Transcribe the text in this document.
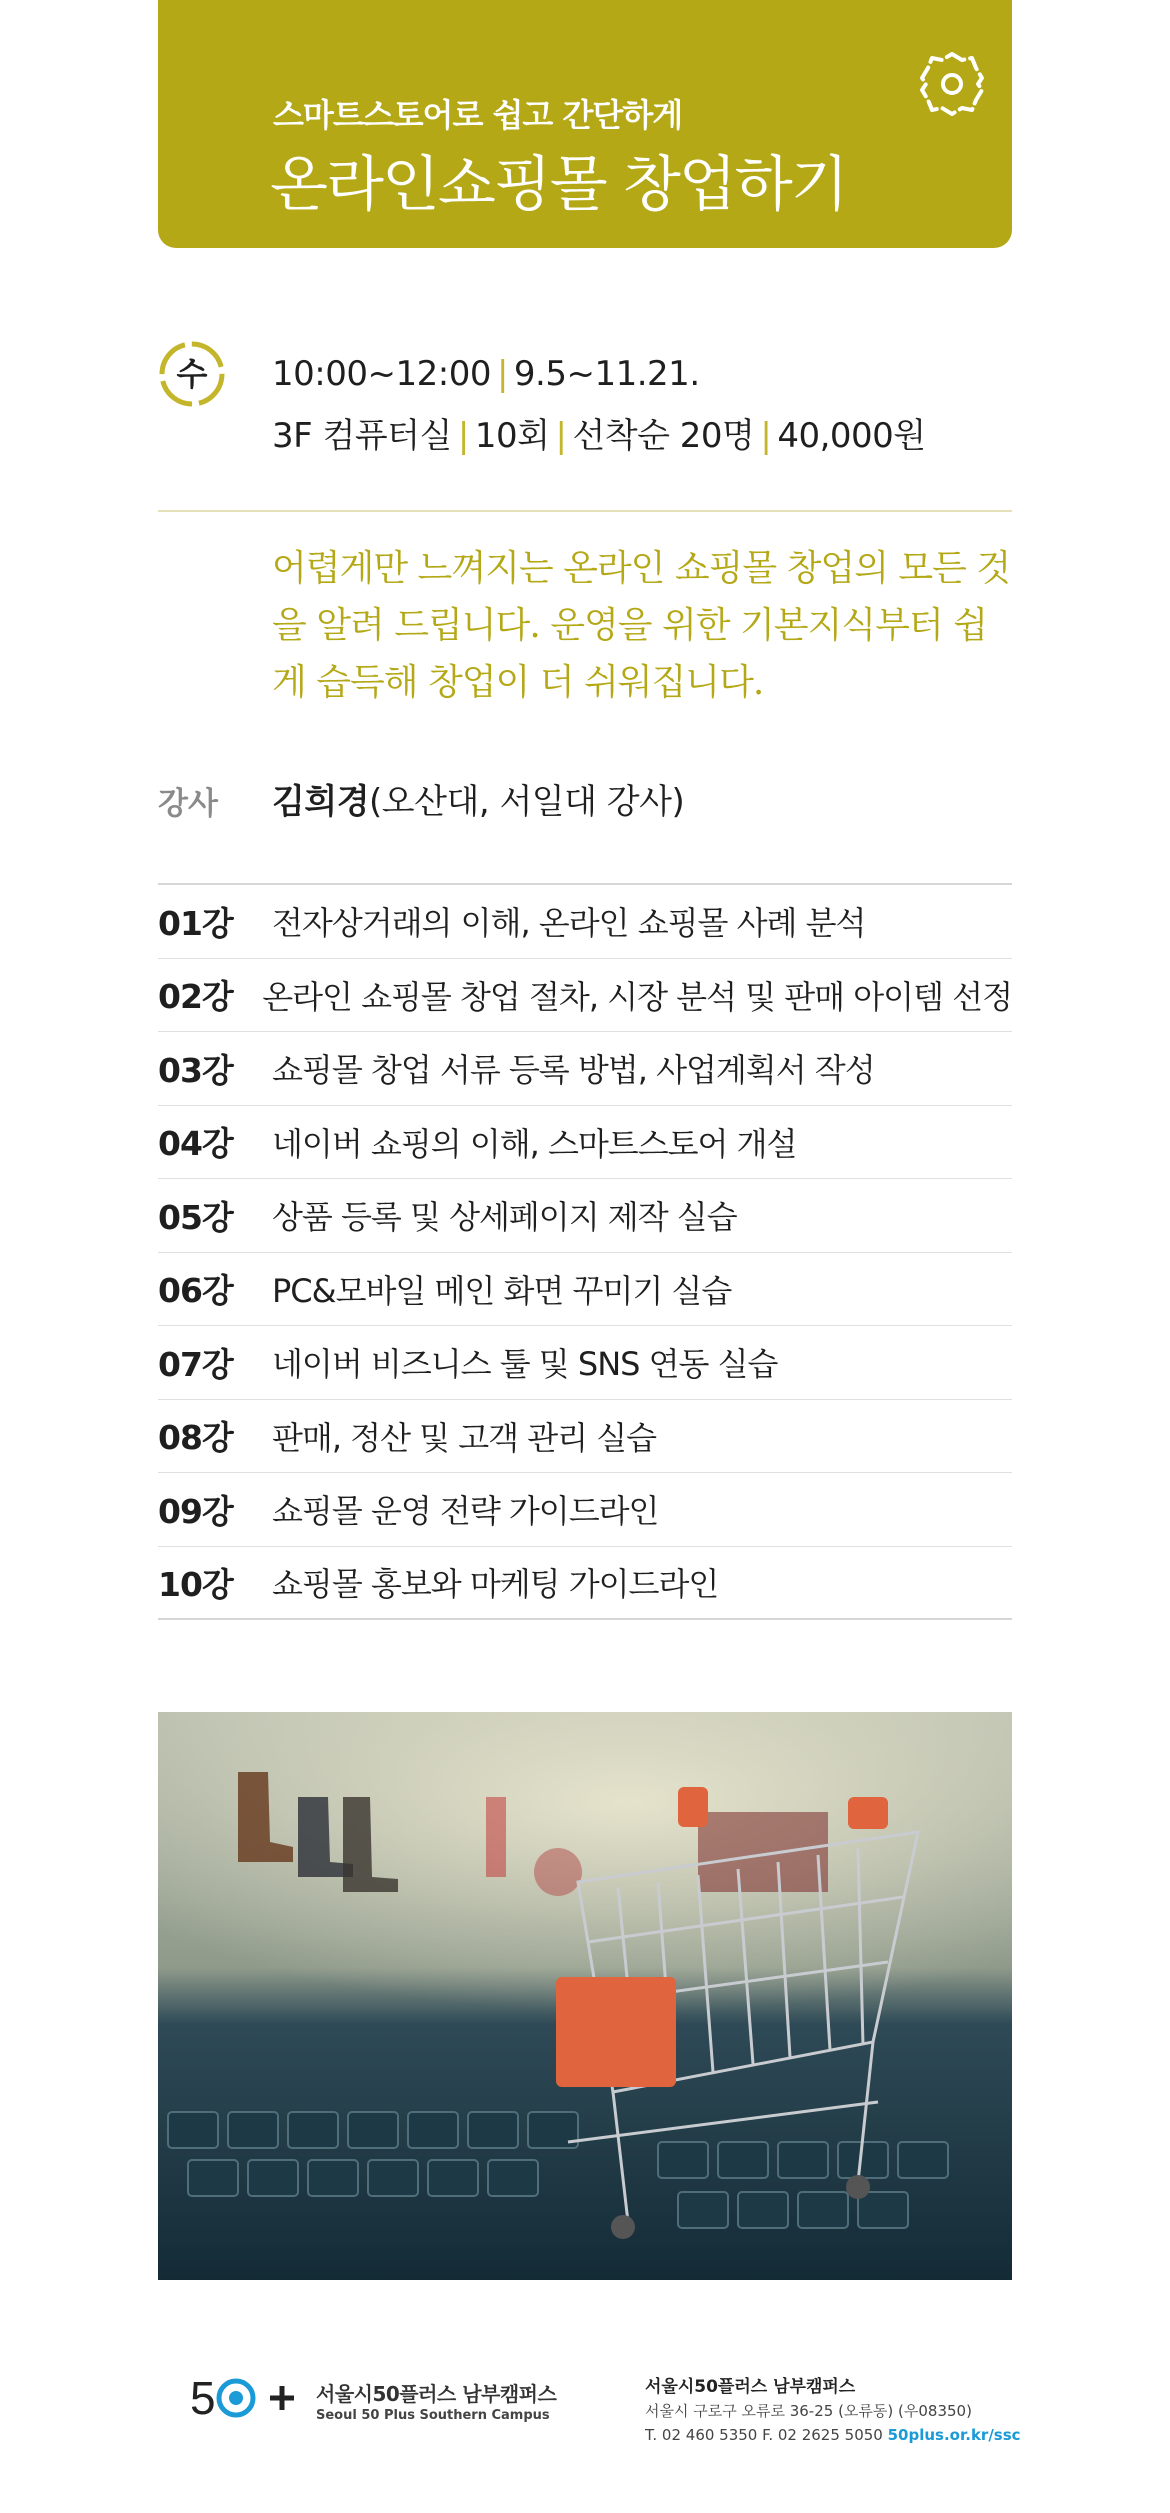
스마트스토어로 쉽고 간단하게
온라인쇼핑몰 창업하기
수	10:00~12:00 | 9.5~11.21.
3F 컴퓨터실 | 10회 | 선착순 20명 | 40,000원
어렵게만 느껴지는 온라인 쇼핑몰 창업의 모든 것을 알려 드립니다. 운영을 위한 기본지식부터 쉽게 습득해 창업이 더 쉬워집니다.
강사 김희경(오산대, 서일대 강사)
01강	전자상거래의 이해, 온라인 쇼핑몰 사례 분석
02강 온라인 쇼핑몰 창업 절차, 시장 분석 및 판매 아이템 선정
03강	쇼핑몰 창업 서류 등록 방법, 사업계획서 작성
04강	네이버 쇼핑의 이해, 스마트스토어 개설
05강	상품 등록 및 상세페이지 제작 실습
06강	PC&모바일 메인 화면 꾸미기 실습
07강	네이버 비즈니스 툴 및 SNS 연동 실습
08강	판매, 정산 및 고객 관리 실습
09강	쇼핑몰 운영 전략 가이드라인
10강	쇼핑몰 홍보와 마케팅 가이드라인
5	서울시50플러스 남부캠퍼스
Seoul 50 Plus Southern Campus
서울시50플러스 남부캠퍼스
서울시 구로구 오류로 36-25 (오류동) (우08350)
T. 02 460 5350 F. 02 2625 5050 50plus.or.kr/ssc
